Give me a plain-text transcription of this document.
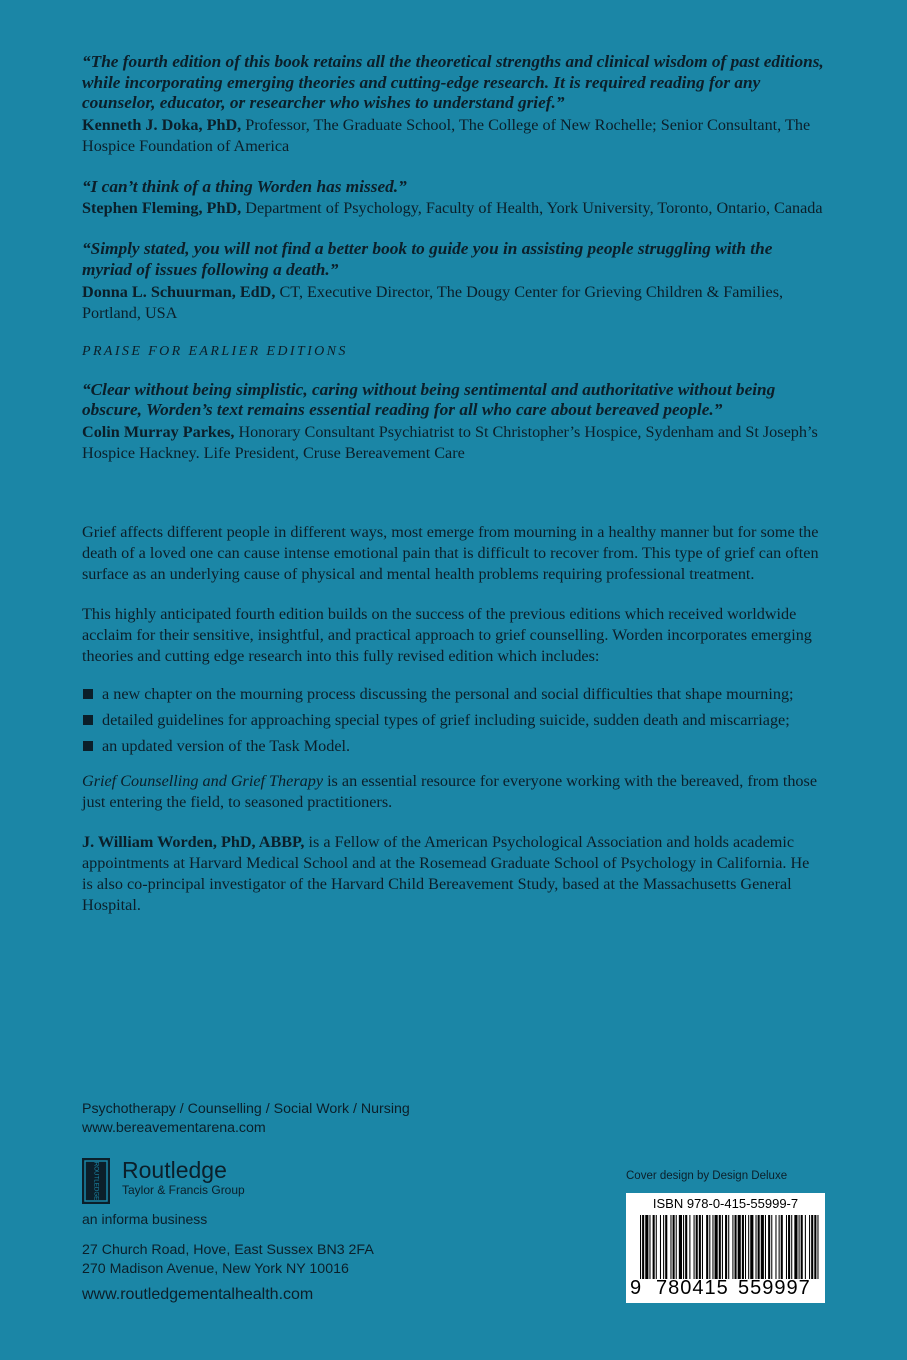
“The fourth edition of this book retains all the theoretical strengths and clinical wisdom of past editions, while incorporating emerging theories and cutting-edge research. It is required reading for any counselor, educator, or researcher who wishes to understand grief.”
Kenneth J. Doka, PhD, Professor, The Graduate School, The College of New Rochelle; Senior Consultant, The Hospice Foundation of America
“I can’t think of a thing Worden has missed.”
Stephen Fleming, PhD, Department of Psychology, Faculty of Health, York University, Toronto, Ontario, Canada
“Simply stated, you will not find a better book to guide you in assisting people struggling with the myriad of issues following a death.”
Donna L. Schuurman, EdD, CT, Executive Director, The Dougy Center for Grieving Children & Families, Portland, USA
PRAISE FOR EARLIER EDITIONS
“Clear without being simplistic, caring without being sentimental and authoritative without being obscure, Worden’s text remains essential reading for all who care about bereaved people.”
Colin Murray Parkes, Honorary Consultant Psychiatrist to St Christopher’s Hospice, Sydenham and St Joseph’s Hospice Hackney. Life President, Cruse Bereavement Care

Grief affects different people in different ways, most emerge from mourning in a healthy manner but for some the death of a loved one can cause intense emotional pain that is difficult to recover from. This type of grief can often surface as an underlying cause of physical and mental health problems requiring professional treatment.

This highly anticipated fourth edition builds on the success of the previous editions which received worldwide acclaim for their sensitive, insightful, and practical approach to grief counselling. Worden incorporates emerging theories and cutting edge research into this fully revised edition which includes:

a new chapter on the mourning process discussing the personal and social difficulties that shape mourning;
detailed guidelines for approaching special types of grief including suicide, sudden death and miscarriage;
an updated version of the Task Model.

Grief Counselling and Grief Therapy is an essential resource for everyone working with the bereaved, from those just entering the field, to seasoned practitioners.

J. William Worden, PhD, ABBP, is a Fellow of the American Psychological Association and holds academic appointments at Harvard Medical School and at the Rosemead Graduate School of Psychology in California. He is also co-principal investigator of the Harvard Child Bereavement Study, based at the Massachusetts General Hospital.

Psychotherapy / Counselling / Social Work / Nursing
www.bereavementarena.com
ROUTLEDGE Routledge
Taylor & Francis Group
an informa business
27 Church Road, Hove, East Sussex BN3 2FA
270 Madison Avenue, New York NY 10016
www.routledgementalhealth.com
Cover design by Design Deluxe
ISBN 978-0-415-55999-7
9 780415 559997
